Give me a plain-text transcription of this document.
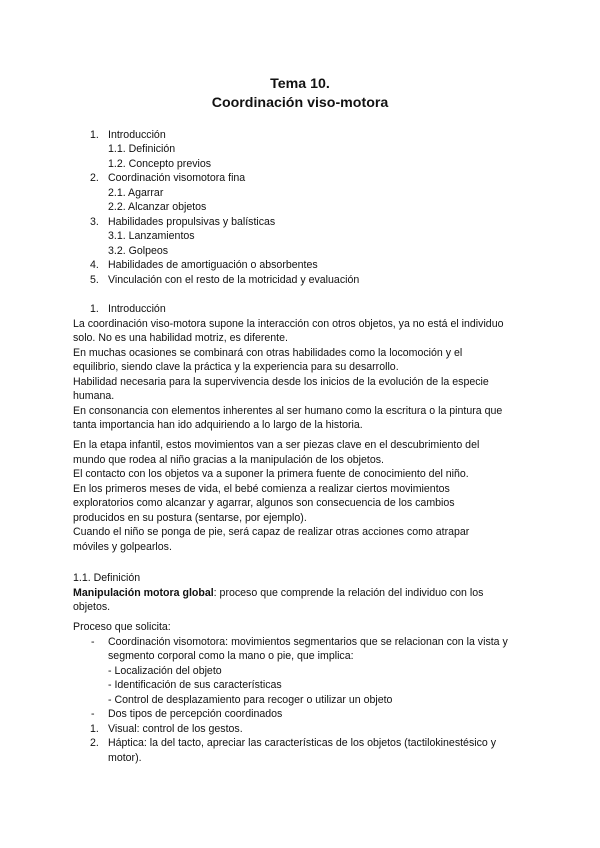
Tema 10.
Coordinación viso-motora
1. Introducción
1.1. Definición
1.2. Concepto previos
2. Coordinación visomotora fina
2.1. Agarrar
2.2. Alcanzar objetos
3. Habilidades propulsivas y balísticas
3.1. Lanzamientos
3.2. Golpeos
4. Habilidades de amortiguación o absorbentes
5. Vinculación con el resto de la motricidad y evaluación
1. Introducción
La coordinación viso-motora supone la interacción con otros objetos, ya no está el individuo
solo. No es una habilidad motriz, es diferente.
En muchas ocasiones se combinará con otras habilidades como la locomoción y el
equilibrio, siendo clave la práctica y la experiencia para su desarrollo.
Habilidad necesaria para la supervivencia desde los inicios de la evolución de la especie
humana.
En consonancia con elementos inherentes al ser humano como la escritura o la pintura que
tanta importancia han ido adquiriendo a lo largo de la historia.
En la etapa infantil, estos movimientos van a ser piezas clave en el descubrimiento del
mundo que rodea al niño gracias a la manipulación de los objetos.
El contacto con los objetos va a suponer la primera fuente de conocimiento del niño.
En los primeros meses de vida, el bebé comienza a realizar ciertos movimientos
exploratorios como alcanzar y agarrar, algunos son consecuencia de los cambios
producidos en su postura (sentarse, por ejemplo).
Cuando el niño se ponga de pie, será capaz de realizar otras acciones como atrapar
móviles y golpearlos.
1.1. Definición
Manipulación motora global: proceso que comprende la relación del individuo con los
objetos.
Proceso que solicita:
- Coordinación visomotora: movimientos segmentarios que se relacionan con la vista y
segmento corporal como la mano o pie, que implica:
- Localización del objeto
- Identificación de sus características
- Control de desplazamiento para recoger o utilizar un objeto
- Dos tipos de percepción coordinados
1. Visual: control de los gestos.
2. Háptica: la del tacto, apreciar las características de los objetos (tactilokinestésico y
motor).
